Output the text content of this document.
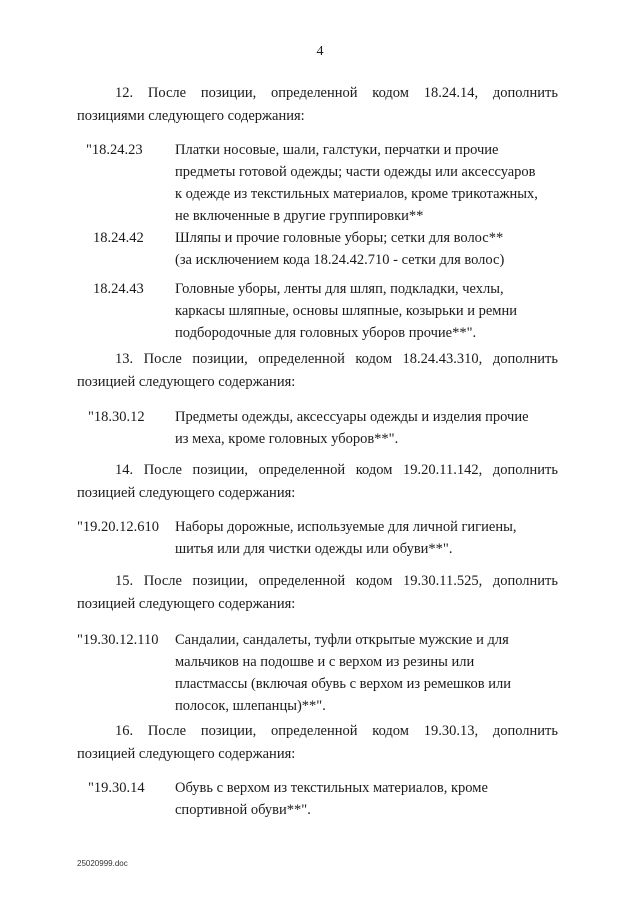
4
12. После позиции, определенной кодом 18.24.14, дополнить
позициями следующего содержания:
"18.24.23 Платки носовые, шали, галстуки, перчатки и прочие
предметы готовой одежды; части одежды или аксессуаров
к одежде из текстильных материалов, кроме трикотажных,
не включенные в другие группировки**
18.24.42 Шляпы и прочие головные уборы; сетки для волос**
(за исключением кода 18.24.42.710 - сетки для волос)
18.24.43 Головные уборы, ленты для шляп, подкладки, чехлы,
каркасы шляпные, основы шляпные, козырьки и ремни
подбородочные для головных уборов прочие**".
13. После позиции, определенной кодом 18.24.43.310, дополнить
позицией следующего содержания:
"18.30.12 Предметы одежды, аксессуары одежды и изделия прочие
из меха, кроме головных уборов**".
14. После позиции, определенной кодом 19.20.11.142, дополнить
позицией следующего содержания:
"19.20.12.610 Наборы дорожные, используемые для личной гигиены,
шитья или для чистки одежды или обуви**".
15. После позиции, определенной кодом 19.30.11.525, дополнить
позицией следующего содержания:
"19.30.12.110 Сандалии, сандалеты, туфли открытые мужские и для
мальчиков на подошве и с верхом из резины или
пластмассы (включая обувь с верхом из ремешков или
полосок, шлепанцы)**".
16. После позиции, определенной кодом 19.30.13, дополнить
позицией следующего содержания:
"19.30.14 Обувь с верхом из текстильных материалов, кроме
спортивной обуви**".
25020999.doc
